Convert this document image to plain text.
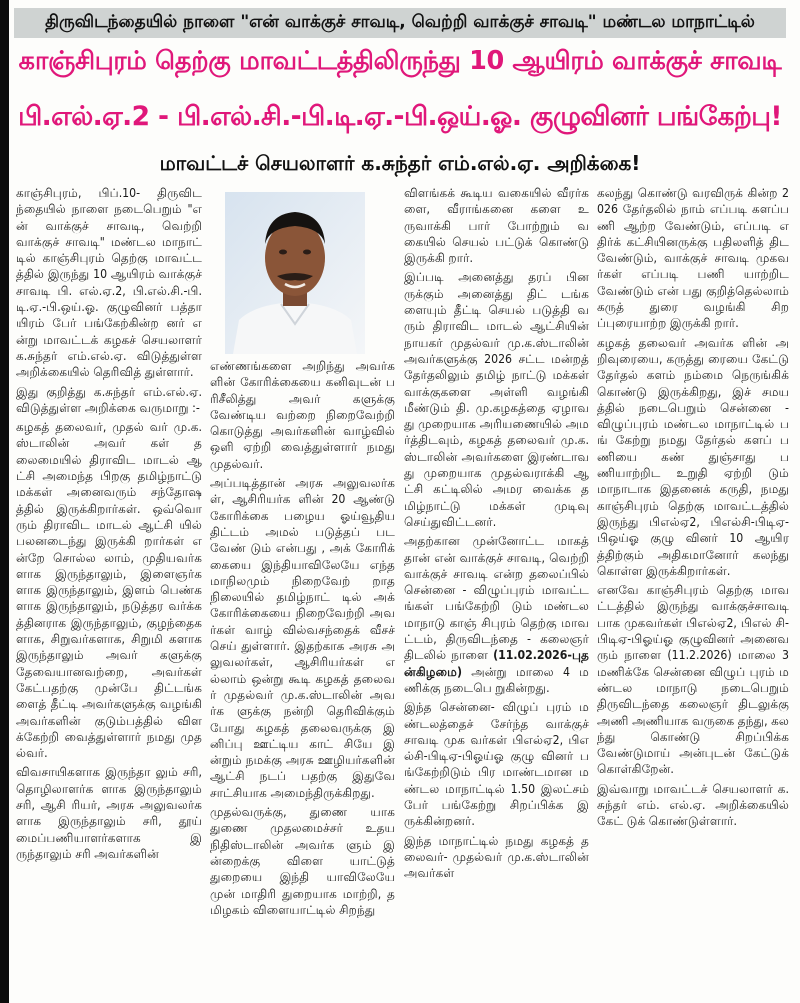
திருவிடந்தையில் நாளை "என் வாக்குச் சாவடி, வெற்றி வாக்குச் சாவடி" மண்டல மாநாட்டில்
காஞ்சிபுரம் தெற்கு மாவட்டத்திலிருந்து 10 ஆயிரம் வாக்குச் சாவடி
பி.எல்.ஏ.2 - பி.எல்.சி.-பி.டி.ஏ.-பி.ஒய்.ஓ. குழுவினர் பங்கேற்பு!
மாவட்டச் செயலாளர் க.சுந்தர் எம்.எல்.ஏ. அறிக்கை!

காஞ்சிபுரம், பிப்.10- திருவிடந்தையில் நாளை நடைபெறும் "என் வாக்குச் சாவடி, வெற்றி வாக்குச் சாவடி" மண்டல மாநாட் டில் காஞ்சிபுரம் தெற்கு மாவட்டத்தில் இருந்து 10 ஆயிரம் வாக்குச் சாவடி பி. எல்.ஏ.2, பி.எல்.சி.-பி.டி.ஏ.-பி.ஒய்.ஓ. குழுவினர் பத்தா யிரம் பேர் பங்கேற்கின்ற னர் என்று மாவட்டக் கழகச் செயலாளர் க.சுந்தர் எம்.எல்.ஏ. விடுத்துள்ள அறிக்கையில் தெரிவித் துள்ளார்.

இது குறித்து க.சுந்தர் எம்.எல்.ஏ. விடுத்துள்ள அறிக்கை வருமாறு :-

கழகத் தலைவர், முதல் வர் மு.க.ஸ்டாலின் அவர் கள் தலைமையில் திராவிட மாடல் ஆட்சி அமைந்த பிறகு தமிழ்நாட்டு மக்கள் அனைவரும் சந்தோஷத்தில் இருக்கிறார்கள். ஒவ்வொ ரும் திராவிட மாடல் ஆட்சி யில் பலனடைந்து இருக்கி றார்கள் என்றே சொல்ல லாம், முதியவர்களாக இருந்தாலும், இளைஞர்க ளாக இருந்தாலும், இளம் பெண்களாக இருந்தாலும், நடுத்தர வர்க்கத்தினராக இருந்தாலும், குழந்தைக ளாக, சிறுவர்களாக, சிறுமி களாக இருந்தாலும் அவர் களுக்கு தேவையானவற்றை, அவர்கள் கேட்பதற்கு முன்பே திட்டங்களைத் தீட்டி அவர்களுக்கு வழங்கி அவர்களின் குடும்பத்தில் விளக்கேற்றி வைத்துள்ளார் நமது முதல்வர்.

விவசாயிகளாக இருந்தா லும் சரி, தொழிலாளர்க ளாக இருந்தாலும் சரி, ஆசி ரியர், அரசு அலுவலர்களாக இருந்தாலும் சரி, தூய் மைப்பணியாளர்களாக இருந்தாலும் சரி அவர்களின்

எண்ணங்களை அறிந்து அவர்களின் கோரிக்கையை கனிவுடன் பரிசீலித்து அவர் களுக்கு வேண்டிய வற்றை நிறைவேற்றி கொடுத்து அவர்களின் வாழ்வில் ஒளி ஏற்றி வைத்துள்ளார் நமது முதல்வர்.

அப்படித்தான் அரசு அலுவலர்கள், ஆசிரியர்க ளின் 20 ஆண்டு கோரிக்கை பழைய ஓய்வூதிய திட்டம் அமல் படுத்தப் பட வேண் டும் என்பது , அக் கோரிக் கையை இந்தியாவிலேயே எந்த மாநிலமும் நிறைவேற் றாத நிலையில் தமிழ்நாட் டில் அக் கோரிக்கையை நிறைவேற்றி அவர்கள் வாழ் வில்வசந்தைக் வீசச் செய் துள்ளார். இதற்காக அரசு அலுவலர்கள், ஆசிரியர்கள் எல்லாம் ஒன்று கூடி கழகத் தலைவர் முதல்வர் மு.க.ஸ்டாலின் அவர்க ளுக்கு நன்றி தெரிவிக்கும் போது கழகத் தலைவருக்கு இனிப்பு ஊட்டிய காட் சியே இன்றும் நமக்கு அரசு ஊழியர்களின் ஆட்சி நடப் பதற்கு இதுவே சாட்சியாக அமைந்திருக்கிறது.

முதல்வருக்கு, துணை யாக துணை முதலமைச்சர் உதய நிதிஸ்டாலின் அவர்க ளும் இன்றைக்கு விளை யாட்டுத் துறையை இந்தி யாவிலேயே முன் மாதிரி துறையாக மாற்றி, தமிழகம் விளையாட்டில் சிறந்து

விளங்கக் கூடிய வகையில் வீரர்களை, வீராங்கனை களை உருவாக்கி பார் போற்றும் வகையில் செயல் பட்டுக் கொண்டு இருக்கி றார்.

இப்படி அனைத்து தரப் பினருக்கும் அனைத்து திட் டங்களையும் தீட்டி செயல் படுத்தி வரும் திராவிட மாடல் ஆட்சியின் நாயகர் முதல்வர் மு.க.ஸ்டாலின் அவர்களுக்கு 2026 சட்ட மன்றத் தேர்தலிலும் தமிழ் நாட்டு மக்கள் வாக்குகளை அள்ளி வழங்கி மீண்டும் தி. மு.கழகத்தை ஏழாவது முறையாக அரியணையில் அமர்த்திடவும், கழகத் தலைவர் மு.க.ஸ்டாலின் அவர்களை இரண்டாவது முறையாக முதல்வராக்கி ஆட்சி கட்டிலில் அமர வைக்க தமிழ்நாட்டு மக்கள் முடிவு செய்துவிட்டனர்.

அதற்கான முன்னோட்ட மாகத் தான் என் வாக்குச் சாவடி, வெற்றி வாக்குச் சாவடி என்ற தலைப்பில் சென்னை - விழுப்புரம் மாவட்டங்கள் பங்கேற்றி டும் மண்டல மாநாடு காஞ் சிபுரம் தெற்கு மாவட்டம், திருவிடந்தை - கலைஞர் திடலில் நாளை (11.02.2026-புதன்கிழமை) அன்று மாலை 4 மணிக்கு நடைபெ றுகின்றது.

இந்த சென்னை- விழுப் புரம் மண்டலத்தைச் சேர்ந்த வாக்குச் சாவடி முக வர்கள் பிஎல்ஏ2, பிஎல்சி-பிடிஏ-பிஓய்ஓ குழு வினர் பங்கேற்றிடும் பிர மாண்டமான மண்டல மாநாட்டில் 1.50 இலட்சம் பேர் பங்கேற்று சிறப்பிக்க இருக்கின்றனர்.

இந்த மாநாட்டில் நமது கழகத் தலைவர்- முதல்வர் மு.க.ஸ்டாலின் அவர்கள்

கலந்து கொண்டு வரவிருக் கின்ற 2026 தேர்தலில் நாம் எப்படி களப்பணி ஆற்ற வேண்டும், எப்படி எதிர்க் கட்சியினருக்கு பதிலளித் திட வேண்டும், வாக்குச் சாவடி முகவர்கள் எப்படி பணி யாற்றிட வேண்டும் என் பது குறித்தெல்லாம் கருத் துரை வழங்கி சிறப்புரையாற்ற இருக்கி றார்.

கழகத் தலைவர் அவர்க ளின் அறிவுரையை, கருத்து ரையை கேட்டு தேர்தல் களம் நம்மை நெருங்கிக் கொண்டு இருக்கிறது, இச் சமயத்தில் நடைபெறும் சென்னை - விழுப்புரம் மண்டல மாநாட்டில் பங் கேற்று நமது தேர்தல் களப் பணியை கண் துஞ்சாது பணியாற்றிட உறுதி ஏற்றி டும் மாநாடாக இதனைக் கருதி, நமது காஞ்சிபுரம் தெற்கு மாவட்டத்தில் இருந்து பிஎல்ஏ2, பிஎல்சி-பிடிஏ-பிஒய்ஓ குழு வினர் 10 ஆயிரத்திற்கும் அதிகமானோர் கலந்து கொள்ள இருக்கிறார்கள்.

எனவே காஞ்சிபுரம் தெற்கு மாவட்டத்தில் இருந்து வாக்குச்சாவடி பாக முகவர்கள் பிஎல்ஏ2, பிஎல் சி-பிடிஏ-பிஓய்ஓ குழுவினர் அனைவரும் நாளை (11.2.2026) மாலை 3 மணிக்கே சென்னை விழுப் புரம் மண்டல மாநாடு நடைபெறும் திருவிடந்தை கலைஞர் திடலுக்கு அணி அணியாக வருகை தந்து, கலந்து கொண்டு சிறப்பிக்க வேண்டுமாய் அன்புடன் கேட்டுக் கொள்கிறேன்.

இவ்வாறு மாவட்டச் செயலாளர் க.சுந்தர் எம். எல்.ஏ. அறிக்கையில் கேட் டுக் கொண்டுள்ளார்.
